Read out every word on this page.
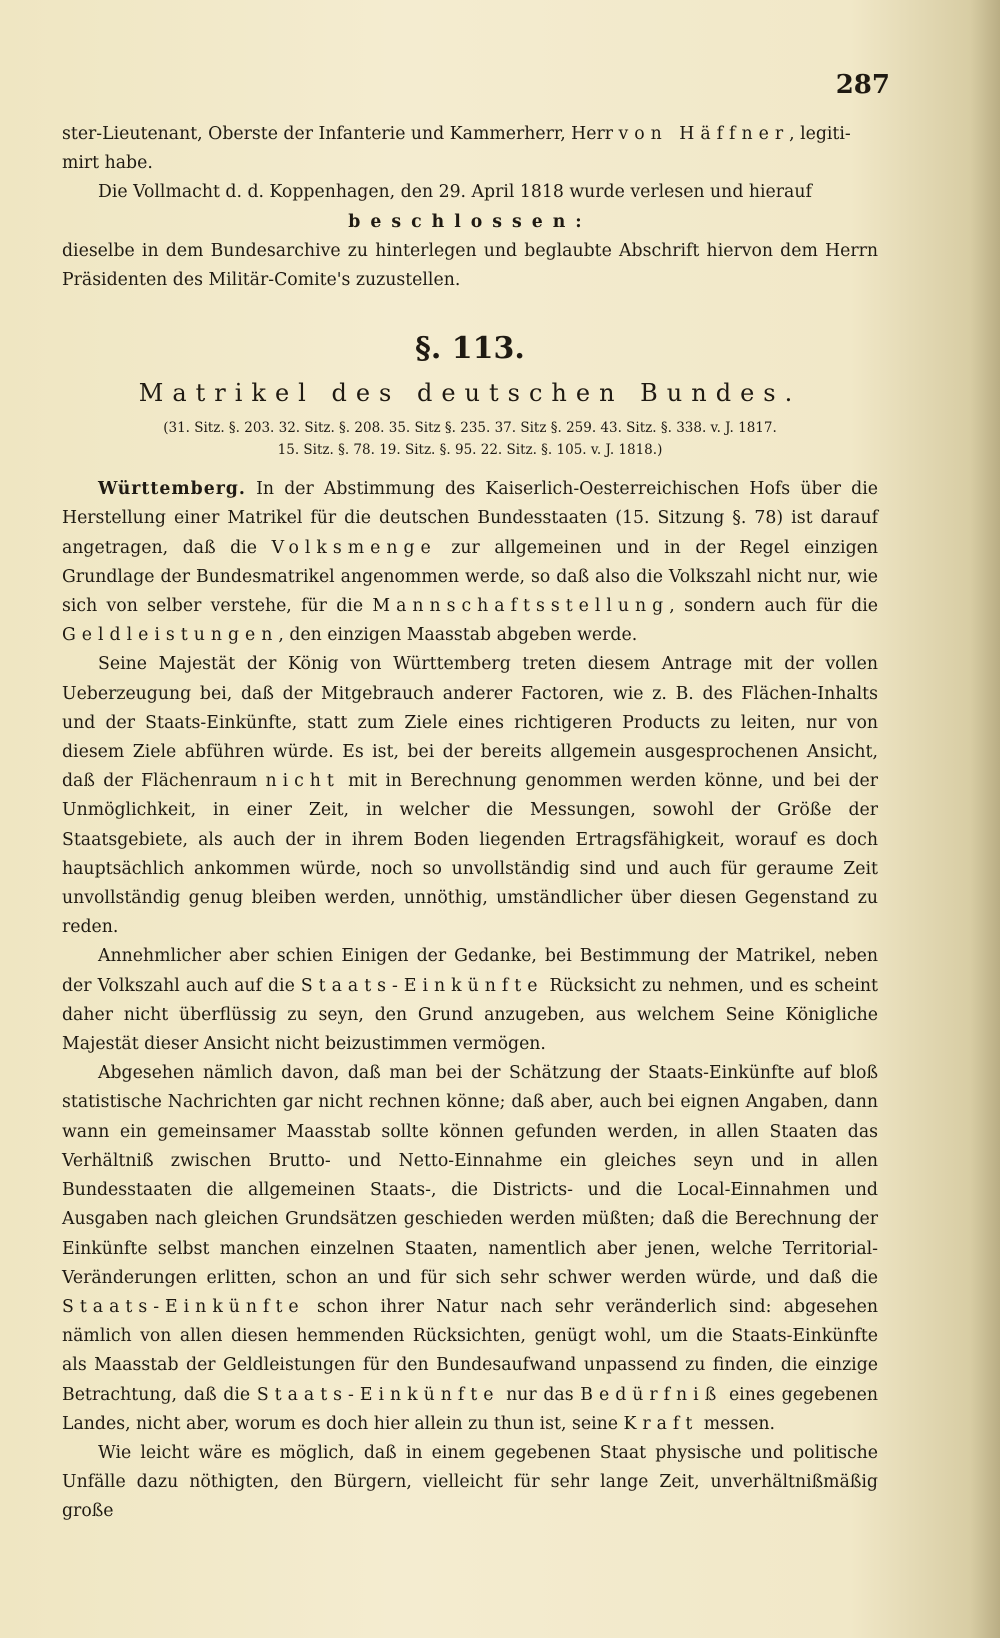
287

ster-Lieutenant, Oberste der Infanterie und Kammerherr, Herr von Häffner, legiti-
mirt habe.

Die Vollmacht d. d. Koppenhagen, den 29. April 1818 wurde verlesen und hierauf

beschlossen:

dieselbe in dem Bundesarchive zu hinterlegen und beglaubte Abschrift hiervon dem Herrn Präsidenten des Militär-Comite's zuzustellen.

§. 113.
Matrikel des deutschen Bundes.
(31. Sitz. §. 203. 32. Sitz. §. 208. 35. Sitz §. 235. 37. Sitz §. 259. 43. Sitz. §. 338. v. J. 1817.
15. Sitz. §. 78. 19. Sitz. §. 95. 22. Sitz. §. 105. v. J. 1818.)

Württemberg. In der Abstimmung des Kaiserlich-Oesterreichischen Hofs über die Herstellung einer Matrikel für die deutschen Bundesstaaten (15. Sitzung §. 78) ist darauf angetragen, daß die Volksmenge zur allgemeinen und in der Regel einzigen Grundlage der Bundesmatrikel angenommen werde, so daß also die Volkszahl nicht nur, wie sich von selber verstehe, für die Mannschaftsstellung, sondern auch für die Geldleistungen, den einzigen Maasstab abgeben werde.

Seine Majestät der König von Württemberg treten diesem Antrage mit der vollen Ueberzeugung bei, daß der Mitgebrauch anderer Factoren, wie z. B. des Flächen-Inhalts und der Staats-Einkünfte, statt zum Ziele eines richtigeren Products zu leiten, nur von diesem Ziele abführen würde. Es ist, bei der bereits allgemein ausgesprochenen Ansicht, daß der Flächenraum nicht mit in Berechnung genommen werden könne, und bei der Unmöglichkeit, in einer Zeit, in welcher die Messungen, sowohl der Größe der Staatsgebiete, als auch der in ihrem Boden liegenden Ertragsfähigkeit, worauf es doch hauptsächlich ankommen würde, noch so unvollständig sind und auch für geraume Zeit unvollständig genug bleiben werden, unnöthig, umständlicher über diesen Gegenstand zu reden.

Annehmlicher aber schien Einigen der Gedanke, bei Bestimmung der Matrikel, neben der Volkszahl auch auf die Staats-Einkünfte Rücksicht zu nehmen, und es scheint daher nicht überflüssig zu seyn, den Grund anzugeben, aus welchem Seine Königliche Majestät dieser Ansicht nicht beizustimmen vermögen.

Abgesehen nämlich davon, daß man bei der Schätzung der Staats-Einkünfte auf bloß statistische Nachrichten gar nicht rechnen könne; daß aber, auch bei eignen Angaben, dann wann ein gemeinsamer Maasstab sollte können gefunden werden, in allen Staaten das Verhältniß zwischen Brutto- und Netto-Einnahme ein gleiches seyn und in allen Bundesstaaten die allgemeinen Staats-, die Districts- und die Local-Einnahmen und Ausgaben nach gleichen Grundsätzen geschieden werden müßten; daß die Berechnung der Einkünfte selbst manchen einzelnen Staaten, namentlich aber jenen, welche Territorial-Veränderungen erlitten, schon an und für sich sehr schwer werden würde, und daß die Staats-Einkünfte schon ihrer Natur nach sehr veränderlich sind: abgesehen nämlich von allen diesen hemmenden Rücksichten, genügt wohl, um die Staats-Einkünfte als Maasstab der Geldleistungen für den Bundesaufwand unpassend zu finden, die einzige Betrachtung, daß die Staats-Einkünfte nur das Bedürfniß eines gegebenen Landes, nicht aber, worum es doch hier allein zu thun ist, seine Kraft messen.

Wie leicht wäre es möglich, daß in einem gegebenen Staat physische und politische Unfälle dazu nöthigten, den Bürgern, vielleicht für sehr lange Zeit, unverhältnißmäßig große
